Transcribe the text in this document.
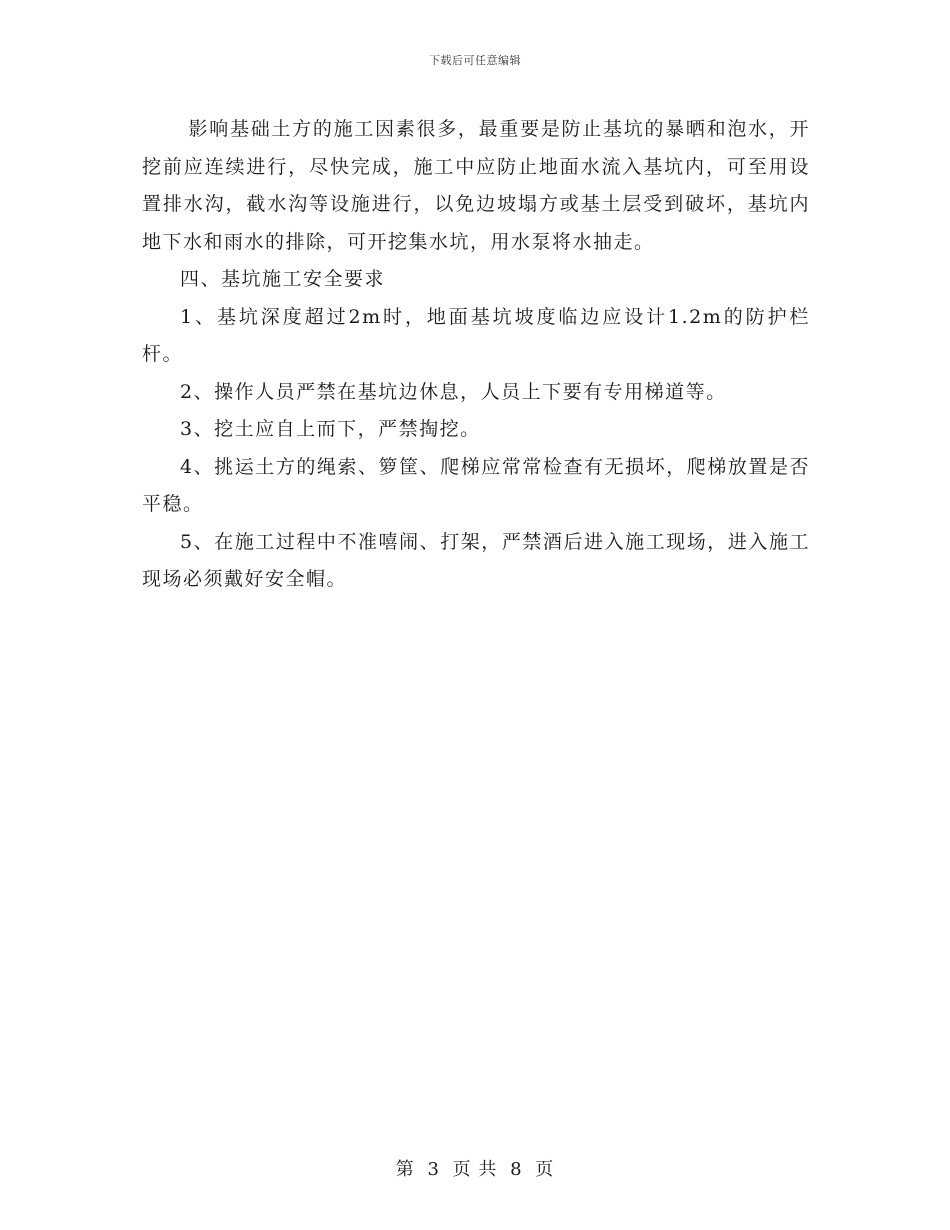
下载后可任意编辑

影响基础土方的施工因素很多，最重要是防止基坑的暴晒和泡水，开挖前应连续进行，尽快完成，施工中应防止地面水流入基坑内，可至用设置排水沟，截水沟等设施进行，以免边坡塌方或基土层受到破坏，基坑内地下水和雨水的排除，可开挖集水坑，用水泵将水抽走。

四、基坑施工安全要求

1、基坑深度超过2m时，地面基坑坡度临边应设计1.2m的防护栏杆。

2、操作人员严禁在基坑边休息，人员上下要有专用梯道等。

3、挖土应自上而下，严禁掏挖。

4、挑运土方的绳索、箩筐、爬梯应常常检查有无损坏，爬梯放置是否平稳。

5、在施工过程中不准嘻闹、打架，严禁酒后进入施工现场，进入施工现场必须戴好安全帽。

第 3 页 共 8 页
